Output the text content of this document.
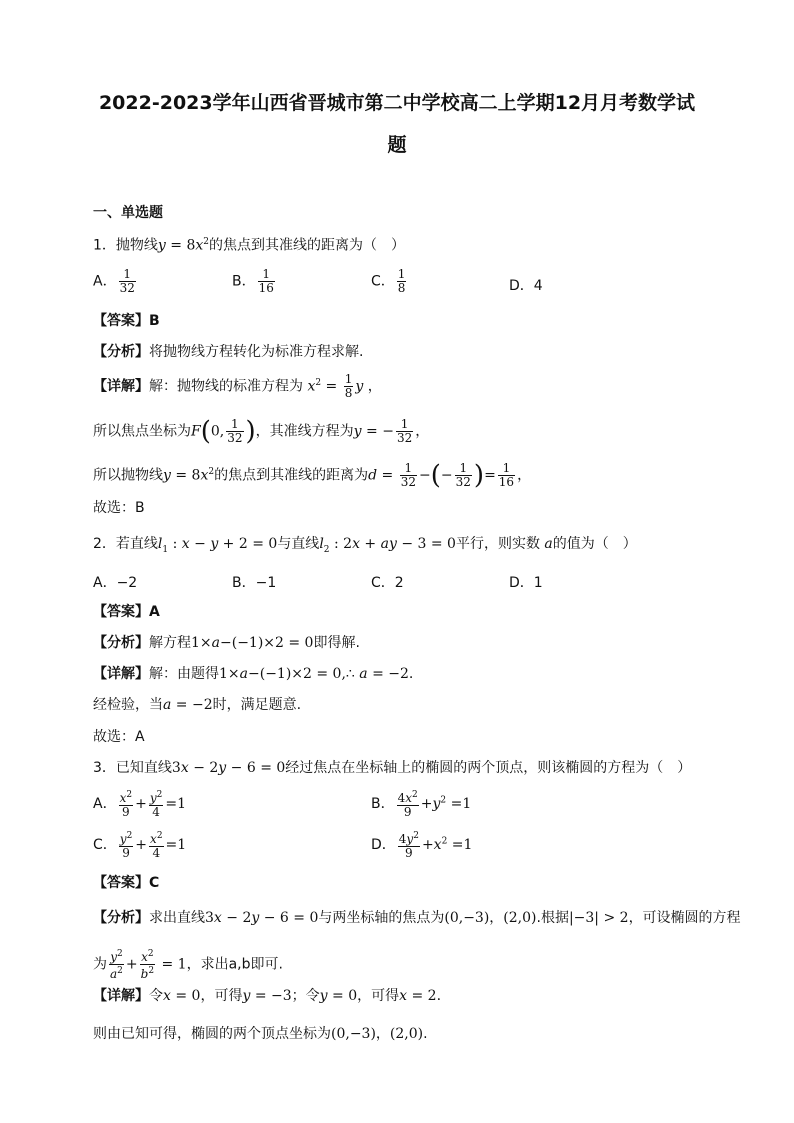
2022-2023学年山西省晋城市第二中学校高二上学期12月月考数学试
题
一、单选题
1．抛物线$y = 8x^2$的焦点到其准线的距离为（　）
A． $\frac{1}{32}$	B． $\frac{1}{16}$	C． $\frac{1}{8}$	D．4
【答案】B
【分析】将抛物线方程转化为标准方程求解.
【详解】解：抛物线的标准方程为 $x^2 = \frac{1}{8}$ y ，
所以焦点坐标为F(0, $\frac{1}{32}$ )，其准线方程为y = − $\frac{1}{32}$ ，
所以抛物线$y = 8x^2$的焦点到其准线的距离为$d = \frac{1}{32}$ −(− $\frac{1}{32}$ )= $\frac{1}{16}$ ，
故选：B
2．若直线$l_1$ : x − y + 2 = 0与直线$l_2$ : 2x + ay − 3 = 0平行，则实数 a的值为（　）
A．−2	B．−1	C．2	D．1
【答案】A
【分析】解方程1×a−(−1)×2 = 0即得解.
【详解】解：由题得1×a−(−1)×2 = 0,∴ a = −2.
经检验，当a = −2时，满足题意.
故选：A
3．已知直线3x − 2y − 6 = 0经过焦点在坐标轴上的椭圆的两个顶点，则该椭圆的方程为（　）
A． $\frac{x^2}{9} + \frac{y^2}{4} =1$	B． $\frac{4x^2}{9} +y^2 =1$
C． $\frac{y^2}{9} + \frac{x^2}{4} =1$	D． $\frac{4y^2}{9} +x^2 =1$
【答案】C
【分析】求出直线3x − 2y − 6 = 0与两坐标轴的焦点为(0,−3)，(2,0).根据|−3| > 2，可设椭圆的方程
为 $\frac{y^2}{a^2} + \frac{x^2}{b^2} = 1$，求出a,b即可.
【详解】令x = 0，可得y = −3；令y = 0，可得x = 2.
则由已知可得，椭圆的两个顶点坐标为(0,−3)，(2,0).
